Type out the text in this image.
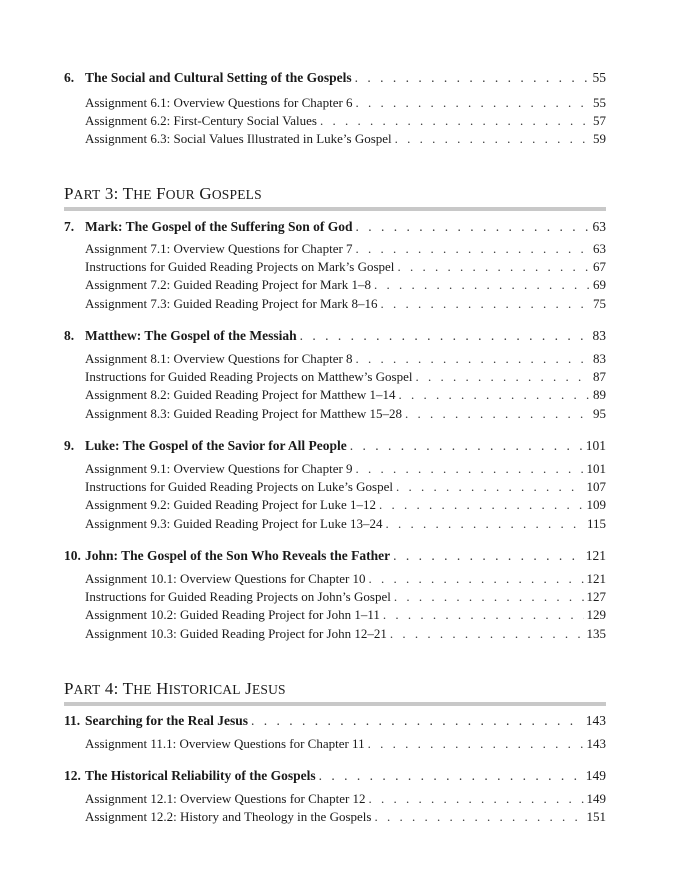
6. The Social and Cultural Setting of the Gospels . . .	55
Assignment 6.1: Overview Questions for Chapter 6 . . .	55
Assignment 6.2: First-Century Social Values . . .	57
Assignment 6.3: Social Values Illustrated in Luke’s Gospel . . .	59
PART 3: THE FOUR GOSPELS
7. Mark: The Gospel of the Suffering Son of God . . .	63
Assignment 7.1: Overview Questions for Chapter 7 . . .	63
Instructions for Guided Reading Projects on Mark’s Gospel . . .	67
Assignment 7.2: Guided Reading Project for Mark 1–8 . . .	69
Assignment 7.3: Guided Reading Project for Mark 8–16 . . .	75
8. Matthew: The Gospel of the Messiah . . .	83
Assignment 8.1: Overview Questions for Chapter 8 . . .	83
Instructions for Guided Reading Projects on Matthew’s Gospel . . .	87
Assignment 8.2: Guided Reading Project for Matthew 1–14 . . .	89
Assignment 8.3: Guided Reading Project for Matthew 15–28 . . .	95
9. Luke: The Gospel of the Savior for All People . . .	101
Assignment 9.1: Overview Questions for Chapter 9 . . .	101
Instructions for Guided Reading Projects on Luke’s Gospel . . .	107
Assignment 9.2: Guided Reading Project for Luke 1–12 . . .	109
Assignment 9.3: Guided Reading Project for Luke 13–24 . . .	115
10. John: The Gospel of the Son Who Reveals the Father . . .	121
Assignment 10.1: Overview Questions for Chapter 10 . . .	121
Instructions for Guided Reading Projects on John’s Gospel . . .	127
Assignment 10.2: Guided Reading Project for John 1–11 . . .	129
Assignment 10.3: Guided Reading Project for John 12–21 . . .	135
PART 4: THE HISTORICAL JESUS
11. Searching for the Real Jesus . . .	143
Assignment 11.1: Overview Questions for Chapter 11 . . .	143
12. The Historical Reliability of the Gospels . . .	149
Assignment 12.1: Overview Questions for Chapter 12 . . .	149
Assignment 12.2: History and Theology in the Gospels . . .	151
